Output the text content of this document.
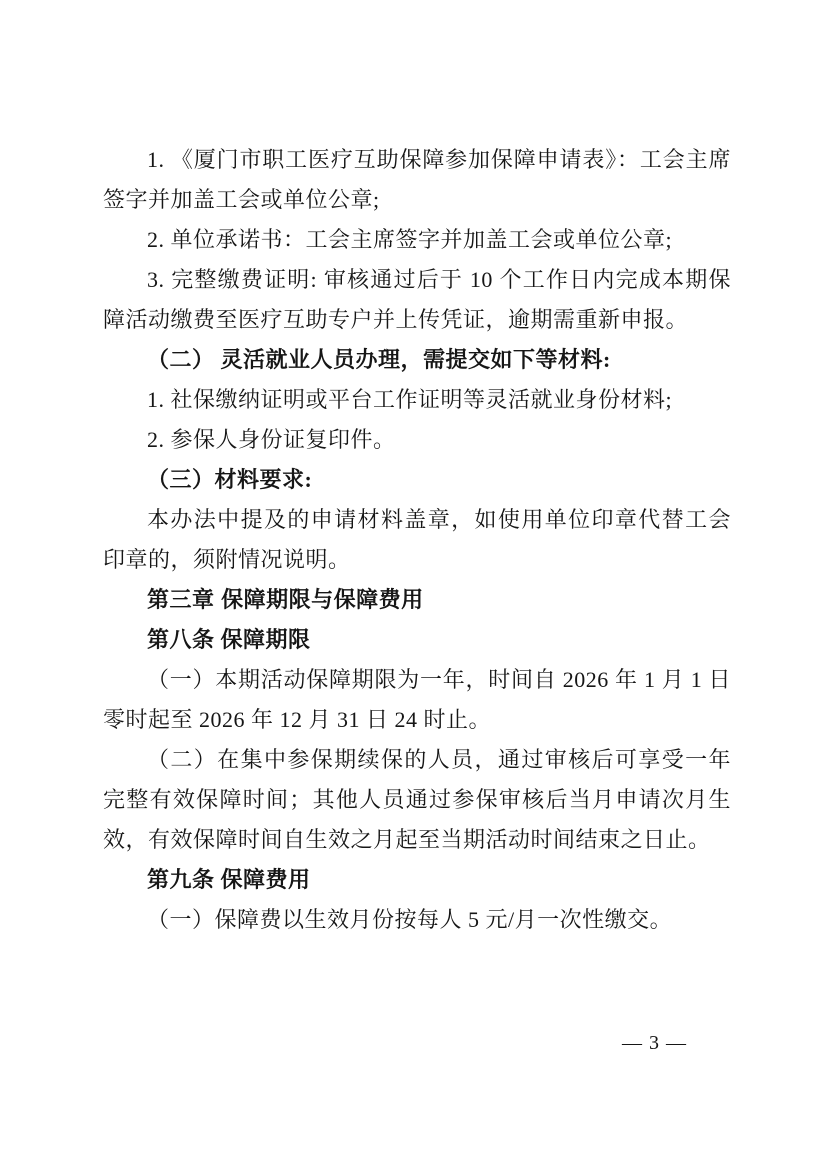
1. 《厦门市职工医疗互助保障参加保障申请表》：工会主席签字并加盖工会或单位公章;

2. 单位承诺书：工会主席签字并加盖工会或单位公章;

3. 完整缴费证明: 审核通过后于 10 个工作日内完成本期保障活动缴费至医疗互助专户并上传凭证，逾期需重新申报。

（二） 灵活就业人员办理，需提交如下等材料:

1. 社保缴纳证明或平台工作证明等灵活就业身份材料;

2. 参保人身份证复印件。

（三）材料要求:

本办法中提及的申请材料盖章，如使用单位印章代替工会印章的，须附情况说明。

第三章 保障期限与保障费用

第八条 保障期限

（一）本期活动保障期限为一年，时间自 2026 年 1 月 1 日零时起至 2026 年 12 月 31 日 24 时止。

（二）在集中参保期续保的人员，通过审核后可享受一年完整有效保障时间；其他人员通过参保审核后当月申请次月生效，有效保障时间自生效之月起至当期活动时间结束之日止。

第九条 保障费用

（一）保障费以生效月份按每人 5 元/月一次性缴交。

— 3 —
